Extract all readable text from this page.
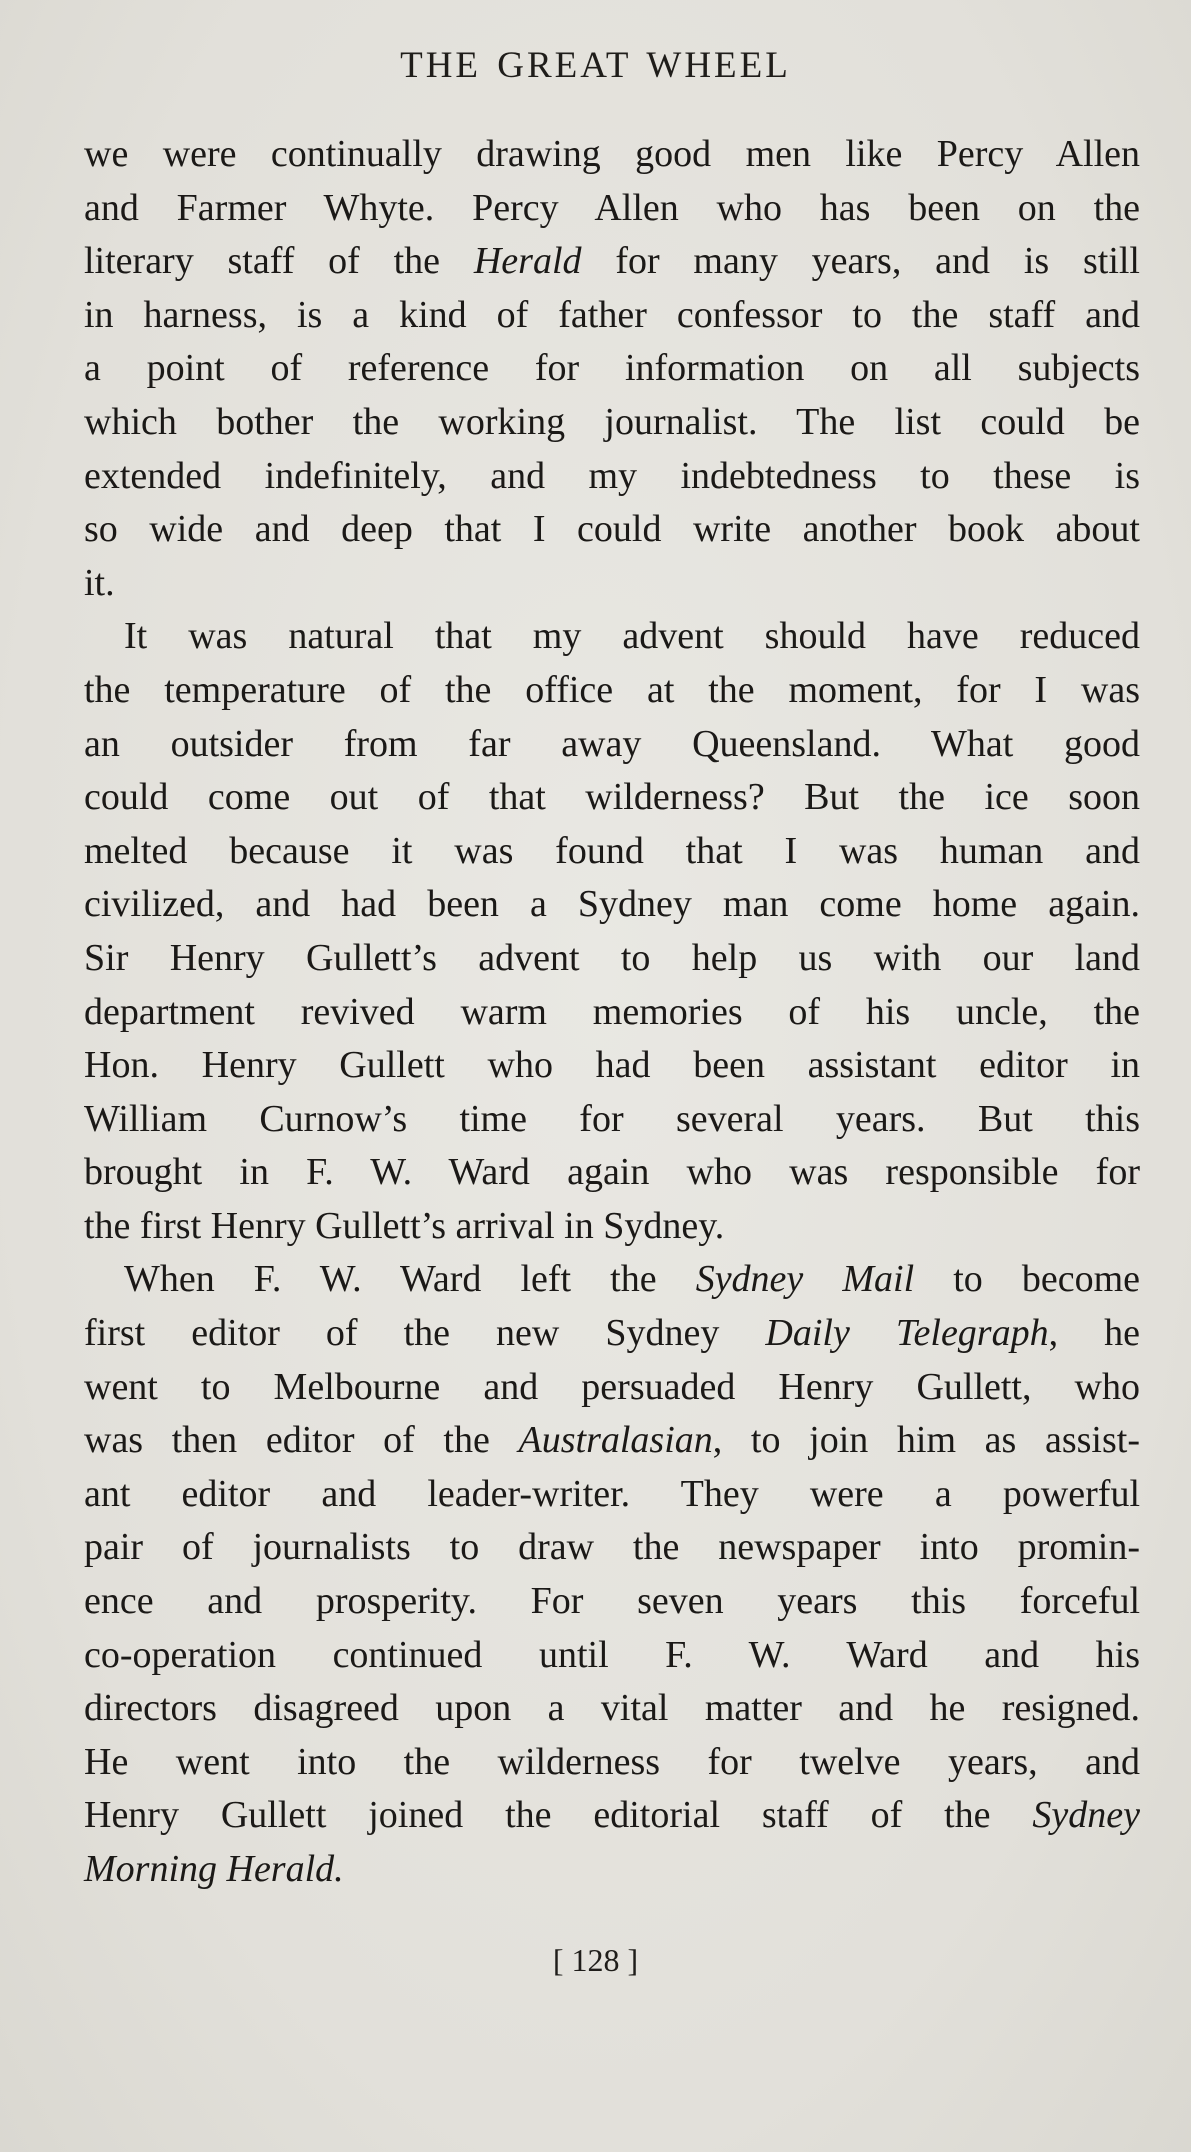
THE GREAT WHEEL
we were continually drawing good men like Percy Allen
and Farmer Whyte. Percy Allen who has been on the
literary staff of the Herald for many years, and is still
in harness, is a kind of father confessor to the staff and
a point of reference for information on all subjects
which bother the working journalist. The list could be
extended indefinitely, and my indebtedness to these is
so wide and deep that I could write another book about
it.
It was natural that my advent should have reduced
the temperature of the office at the moment, for I was
an outsider from far away Queensland. What good
could come out of that wilderness? But the ice soon
melted because it was found that I was human and
civilized, and had been a Sydney man come home again.
Sir Henry Gullett’s advent to help us with our land
department revived warm memories of his uncle, the
Hon. Henry Gullett who had been assistant editor in
William Curnow’s time for several years. But this
brought in F. W. Ward again who was responsible for
the first Henry Gullett’s arrival in Sydney.
When F. W. Ward left the Sydney Mail to become
first editor of the new Sydney Daily Telegraph, he
went to Melbourne and persuaded Henry Gullett, who
was then editor of the Australasian, to join him as assist-
ant editor and leader-writer. They were a powerful
pair of journalists to draw the newspaper into promin-
ence and prosperity. For seven years this forceful
co-operation continued until F. W. Ward and his
directors disagreed upon a vital matter and he resigned.
He went into the wilderness for twelve years, and
Henry Gullett joined the editorial staff of the Sydney
Morning Herald.
[ 128 ]
